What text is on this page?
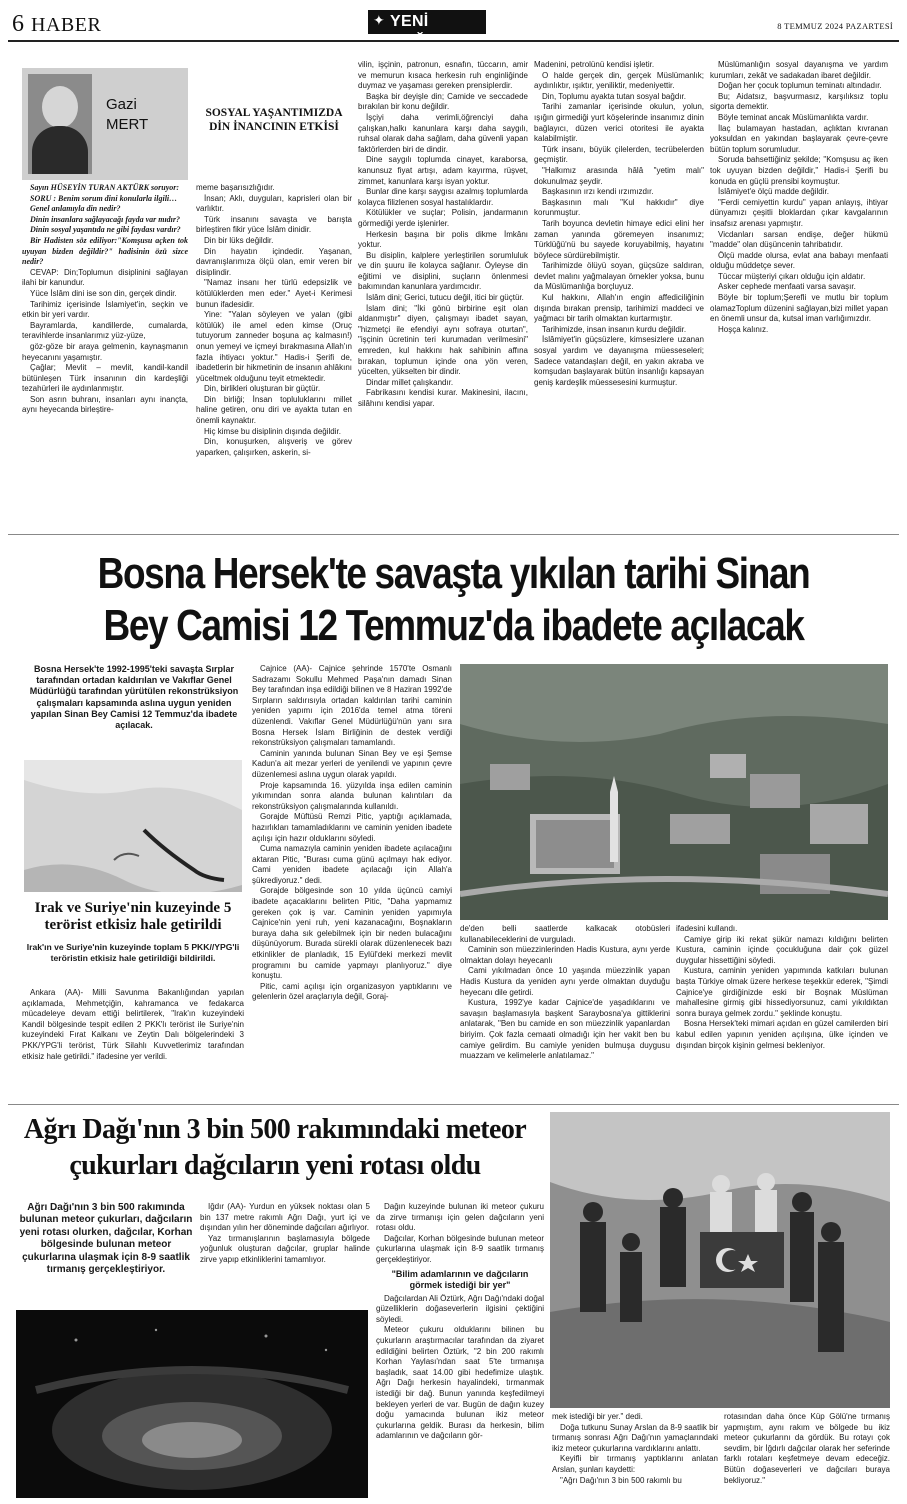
6 HABER	✦ YENİ	8 TEMMUZ 2024 PAZARTESİ
Gazi
MERT
SOSYAL YAŞANTIMIZDA
DİN İNANCININ ETKİSİ

Sayın HÜSEYİN TURAN AKTÜRK soruyor:

SORU : Benim sorum dini konularla ilgili…

Genel anlamıyla din nedir?

Dinin insanlara sağlayacağı fayda var mıdır?

Dinin sosyal yaşantıda ne gibi faydası vardır?

Bir Hadisten söz ediliyor:"Komşusu açken tok uyuyan bizden değildir?" hadisinin özü sizce nedir?

CEVAP: Din;Toplumun disiplinini sağlayan ilahi bir kanundur.

Yüce İslâm dini ise son din, gerçek dindir.

Tarihimiz içerisinde İslamiyet'in, seçkin ve etkin bir yeri vardır.

Bayramlarda, kandillerde, cumalarda, teravihlerde insanlarımız yüz-yüze,

göz-göze bir araya gelmenin, kaynaşmanın heyecanını yaşamıştır.

Çağlar; Mevlit – mevlit, kandil-kandil bütünleşen Türk insanının din kardeşliği tezahürleri ile aydınlanmıştır.

Son asrın buhranı, insanları aynı inançta, aynı heyecanda birleştire-

meme başarısızlığıdır.

İnsan; Aklı, duyguları, kaprisleri olan bir varlıktır.

Türk insanını savaşta ve barışta birleştiren fikir yüce İslâm dinidir.

Din bir lüks değildir.

Din hayatın içindedir. Yaşanan, davranışlarımıza ölçü olan, emir veren bir disiplindir.

"Namaz insanı her türlü edepsizlik ve kötülüklerden men eder." Ayet-i Kerimesi bunun ifadesidir.

Yine: "Yalan söyleyen ve yalan (gibi kötülük) ile amel eden kimse (Oruç tutuyorum zanneder boşuna aç kalmasın!) onun yemeyi ve içmeyi bırakmasına Allah'ın fazla ihtiyacı yoktur." Hadis-i Şerifi de, ibadetlerin bir hikmetinin de insanın ahlâkını yüceltmek olduğunu teyit etmektedir.

Din, birlikleri oluşturan bir güçtür.

Din birliği; İnsan topluluklarını millet haline getiren, onu diri ve ayakta tutan en önemli kaynaktır.

Hiç kimse bu disiplinin dışında değildir.

Din, konuşurken, alışveriş ve görev yaparken, çalışırken, askerin, si-

vilin, işçinin, patronun, esnafın, tüccarın, amir ve memurun kısaca herkesin ruh enginliğinde duymaz ve yaşaması gereken prensiplerdir.

Başka bir deyişle din; Camide ve seccadede bırakılan bir konu değildir.

İşçiyi daha verimli,öğrenciyi daha çalışkan,halkı kanunlara karşı daha saygılı, ruhsal olarak daha sağlam, daha güvenli yapan faktörlerden biri de dindir.

Dine saygılı toplumda cinayet, karaborsa, kanunsuz fiyat artışı, adam kayırma, rüşvet, zimmet, kanunlara karşı isyan yoktur.

Bunlar dine karşı saygısı azalmış toplumlarda kolayca filizlenen sosyal hastalıklardır.

Kötülükler ve suçlar; Polisin, jandarmanın görmediği yerde işlenirler.

Herkesin başına bir polis dikme İmkânı yoktur.

Bu disiplin, kalplere yerleştirilen sorumluluk ve din şuuru ile kolayca sağlanır. Öyleyse din eğitimi ve disiplini, suçların önlenmesi bakımından kanunlara yardımcıdır.

İslâm dini; Gerici, tutucu değil, itici bir güçtür.

İslam dini; "İki gönü birbirine eşit olan aldanmıştır" diyen, çalışmayı ibadet sayan, "hizmetçi ile efendiyi aynı sofraya oturtan", "işçinin ücretinin teri kurumadan verilmesini" emreden, kul hakkını hak sahibinin affına bırakan, toplumun içinde ona yön veren, yücelten, yükselten bir dindir.

Dindar millet çalışkandır.

Fabrikasını kendisi kurar. Makinesini, ilacını, silâhını kendisi yapar.

Madenini, petrolünü kendisi işletir.

O halde gerçek din, gerçek Müslümanlık; aydınlıktır, ışıktır, yeniliktir, medeniyettir.

Din, Toplumu ayakta tutan sosyal bağdır.

Tarihi zamanlar içerisinde okulun, yolun, ışığın girmediği yurt köşelerinde insanımız dinin bağlayıcı, düzen verici otoritesi ile ayakta kalabilmiştir.

Türk insanı, büyük çilelerden, tecrübelerden geçmiştir.

"Halkımız arasında hâlâ "yetim malı" dokunulmaz şeydir.

Başkasının ırzı kendi ırzımızdır.

Başkasının malı "Kul hakkıdır" diye korunmuştur.

Tarih boyunca devletin himaye edici elini her zaman yanında göremeyen insanımız; Türklüğü'nü bu sayede koruyabilmiş, hayatını böylece sürdürebilmiştir.

Tarihimizde ölüyü soyan, güçsüze saldıran, devlet malını yağmalayan örnekler yoksa, bunu da Müslümanlığa borçluyuz.

Kul hakkını, Allah'ın engin affediciliğinin dışında bırakan prensip, tarihimizi maddeci ve yağmacı bir tarih olmaktan kurtarmıştır.

Tarihimizde, insan insanın kurdu değildir.

İslâmiyet'in güçsüzlere, kimsesizlere uzanan sosyal yardım ve dayanışma müesseseleri; Sadece vatandaşları değil, en yakın akraba ve komşudan başlayarak bütün insanlığı kapsayan geniş kardeşlik müessesesini kurmuştur.

Müslümanlığın sosyal dayanışma ve yardım kurumları, zekât ve sadakadan ibaret değildir.

Doğan her çocuk toplumun teminatı altındadır.

Bu; Aidatsız, başvurmasız, karşılıksız toplu sigorta demektir.

Böyle teminat ancak Müslümanlıkta vardır.

İlaç bulamayan hastadan, açlıktan kıvranan yoksuldan en yakından başlayarak çevre-çevre bütün toplum sorumludur.

Soruda bahsettiğiniz şekilde; "Komşusu aç iken tok uyuyan bizden değildir," Hadis-i Şerifi bu konuda en güçlü prensibi koymuştur.

İslâmiyet'e ölçü madde değildir.

"Ferdi cemiyettin kurdu" yapan anlayış, ihtiyar dünyamızı çeşitli bloklardan çıkar kavgalarının insafsız arenası yapmıştır.

Vicdanları sarsan endişe, değer hükmü "madde" olan düşüncenin tahribatıdır.

Ölçü madde olursa, evlat ana babayı menfaati olduğu müddetçe sever.

Tüccar müşteriyi çıkarı olduğu için aldatır.

Asker cephede menfaati varsa savaşır.

Böyle bir toplum;Şerefli ve mutlu bir toplum olamazToplum düzenini sağlayan,bizi millet yapan en önemli unsur da, kutsal iman varlığımızdır.

Hoşça kalınız.

Bosna Hersek'te savaşta yıkılan tarihi Sinan
Bey Camisi 12 Temmuz'da ibadete açılacak
Bosna Hersek'te 1992-1995'teki savaşta Sırplar tarafından ortadan kaldırılan ve Vakıflar Genel Müdürlüğü tarafından yürütülen rekonstrüksiyon çalışmaları kapsamında aslına uygun yeniden yapılan Sinan Bey Camisi 12 Temmuz'da ibadete açılacak.
Irak ve Suriye'nin kuzeyinde 5 terörist etkisiz hale getirildi
Irak'ın ve Suriye'nin kuzeyinde toplam 5 PKK//YPG'li teröristin etkisiz hale getirildiği bildirildi.

Ankara (AA)- Milli Savunma Bakanlığından yapılan açıklamada, Mehmetçiğin, kahramanca ve fedakarca mücadeleye devam ettiği belirtilerek, "Irak'ın kuzeyindeki Kandil bölgesinde tespit edilen 2 PKK'lı terörist ile Suriye'nin kuzeyindeki Fırat Kalkanı ve Zeytin Dalı bölgelerindeki 3 PKK/YPG'li terörist, Türk Silahlı Kuvvetlerimiz tarafından etkisiz hale getirildi." ifadesine yer verildi.

Cajnice (AA)- Cajnice şehrinde 1570'te Osmanlı Sadrazamı Sokullu Mehmed Paşa'nın damadı Sinan Bey tarafından inşa edildiği bilinen ve 8 Haziran 1992'de Sırpların saldırısıyla ortadan kaldırılan tarihi caminin yeniden yapımı için 2016'da temel atma töreni düzenlendi. Vakıflar Genel Müdürlüğü'nün yanı sıra Bosna Hersek İslam Birliğinin de destek verdiği rekonstrüksiyon çalışmaları tamamlandı.

Caminin yanında bulunan Sinan Bey ve eşi Şemse Kadun'a ait mezar yerleri de yenilendi ve yapının çevre düzenlemesi aslına uygun olarak yapıldı.

Proje kapsamında 16. yüzyılda inşa edilen caminin yıkımından sonra alanda bulunan kalıntıları da rekonstrüksiyon çalışmalarında kullanıldı.

Gorajde Müftüsü Remzi Pitic, yaptığı açıklamada, hazırlıkları tamamladıklarını ve caminin yeniden ibadete açılışı için hazır olduklarını söyledi.

Cuma namazıyla caminin yeniden ibadete açılacağını aktaran Pitic, "Burası cuma günü açılmayı hak ediyor. Cami yeniden ibadete açılacağı için Allah'a şükrediyoruz." dedi.

Gorajde bölgesinde son 10 yılda üçüncü camiyi ibadete açacaklarını belirten Pitic, "Daha yapmamız gereken çok iş var. Caminin yeniden yapımıyla Cajnice'nin yeni ruh, yeni kazanacağını, Boşnakların buraya daha sık gelebilmek için bir neden bulacağını düşünüyorum. Burada sürekli olarak düzenlenecek bazı etkinlikler de planladık, 15 Eylül'deki merkezi mevlit programını bu camide yapmayı planlıyoruz." diye konuştu.

Pitic, cami açılışı için organizasyon yaptıklarını ve gelenlerin özel araçlarıyla değil, Goraj-

de'den belli saatlerde kalkacak otobüsleri kullanabileceklerini de vurguladı.

Caminin son müezzinlerinden Hadis Kustura, aynı yerde olmaktan dolayı heyecanlı

Cami yıkılmadan önce 10 yaşında müezzinlik yapan Hadis Kustura da yeniden aynı yerde olmaktan duyduğu heyecanı dile getirdi.

Kustura, 1992'ye kadar Cajnice'de yaşadıklarını ve savaşın başlamasıyla başkent Saraybosna'ya gittiklerini anlatarak, "Ben bu camide en son müezzinlik yapanlardan biriyim. Çok fazla cemaati olmadığı için her vakit ben bu camiye gelirdim. Bu camiyle yeniden bulmuşa duygusu muazzam ve kelimelerle anlatılamaz."

ifadesini kullandı.

Camiye girip iki rekat şükür namazı kıldığını belirten Kustura, caminin içinde çocukluğuna dair çok güzel duygular hissettiğini söyledi.

Kustura, caminin yeniden yapımında katkıları bulunan başta Türkiye olmak üzere herkese teşekkür ederek, "Şimdi Cajnice'ye girdiğinizde eski bir Boşnak Müslüman mahallesine girmiş gibi hissediyorsunuz, cami yıkıldıktan sonra buraya gelmek zordu." şeklinde konuştu.

Bosna Hersek'teki mimari açıdan en güzel camilerden biri kabul edilen yapının yeniden açılışına, ülke içinden ve dışından birçok kişinin gelmesi bekleniyor.

Ağrı Dağı'nın 3 bin 500 rakımındaki meteor
çukurları dağcıların yeni rotası oldu
Ağrı Dağı'nın 3 bin 500 rakımında bulunan meteor çukurları, dağcıların yeni rotası olurken, dağcılar, Korhan bölgesinde bulunan meteor çukurlarına ulaşmak için 8-9 saatlik tırmanış gerçekleştiriyor.

Iğdır (AA)- Yurdun en yüksek noktası olan 5 bin 137 metre rakımlı Ağrı Dağı, yurt içi ve dışından yılın her döneminde dağcıları ağırlıyor.

Yaz tırmanışlarının başlamasıyla bölgede yoğunluk oluşturan dağcılar, gruplar halinde zirve yapıp etkinliklerini tamamlıyor.

Dağın kuzeyinde bulunan iki meteor çukuru da zirve tırmanışı için gelen dağcıların yeni rotası oldu.

Dağcılar, Korhan bölgesinde bulunan meteor çukurlarına ulaşmak için 8-9 saatlik tırmanış gerçekleştiriyor.

"Bilim adamlarının ve dağcıların görmek istediği bir yer"

Dağcılardan Ali Öztürk, Ağrı Dağı'ndaki doğal güzelliklerin doğaseverlerin ilgisini çektiğini söyledi.

Meteor çukuru olduklarını bilinen bu çukurların araştırmacılar tarafından da ziyaret edildiğini belirten Öztürk, "2 bin 200 rakımlı Korhan Yaylası'ndan saat 5'te tırmanışa başladık, saat 14.00 gibi hedefimize ulaştık. Ağrı Dağı herkesin hayalindeki, tırmanmak istediği bir dağ. Bunun yanında keşfedilmeyi bekleyen yerleri de var. Bugün de dağın kuzey doğu yamacında bulunan ikiz meteor çukurlarına geldik. Burası da herkesin, bilim adamlarının ve dağcıların gör-

mek istediği bir yer." dedi.

Doğa tutkunu Sunay Arslan da 8-9 saatlik bir tırmanış sonrası Ağrı Dağı'nın yamaçlarındaki ikiz meteor çukurlarına vardıklarını anlattı.

Keyifli bir tırmanış yaptıklarını anlatan Arslan, şunları kaydetti:

"Ağrı Dağı'nın 3 bin 500 rakımlı bu

rotasından daha önce Küp Gölü'ne tırmanış yapmıştım, aynı rakım ve bölgede bu ikiz meteor çukurlarını da gördük. Bu rotayı çok sevdim, bir İğdırlı dağcılar olarak her seferinde farklı rotaları keşfetmeye devam edeceğiz. Bütün doğaseverleri ve dağcıları buraya bekliyoruz."
